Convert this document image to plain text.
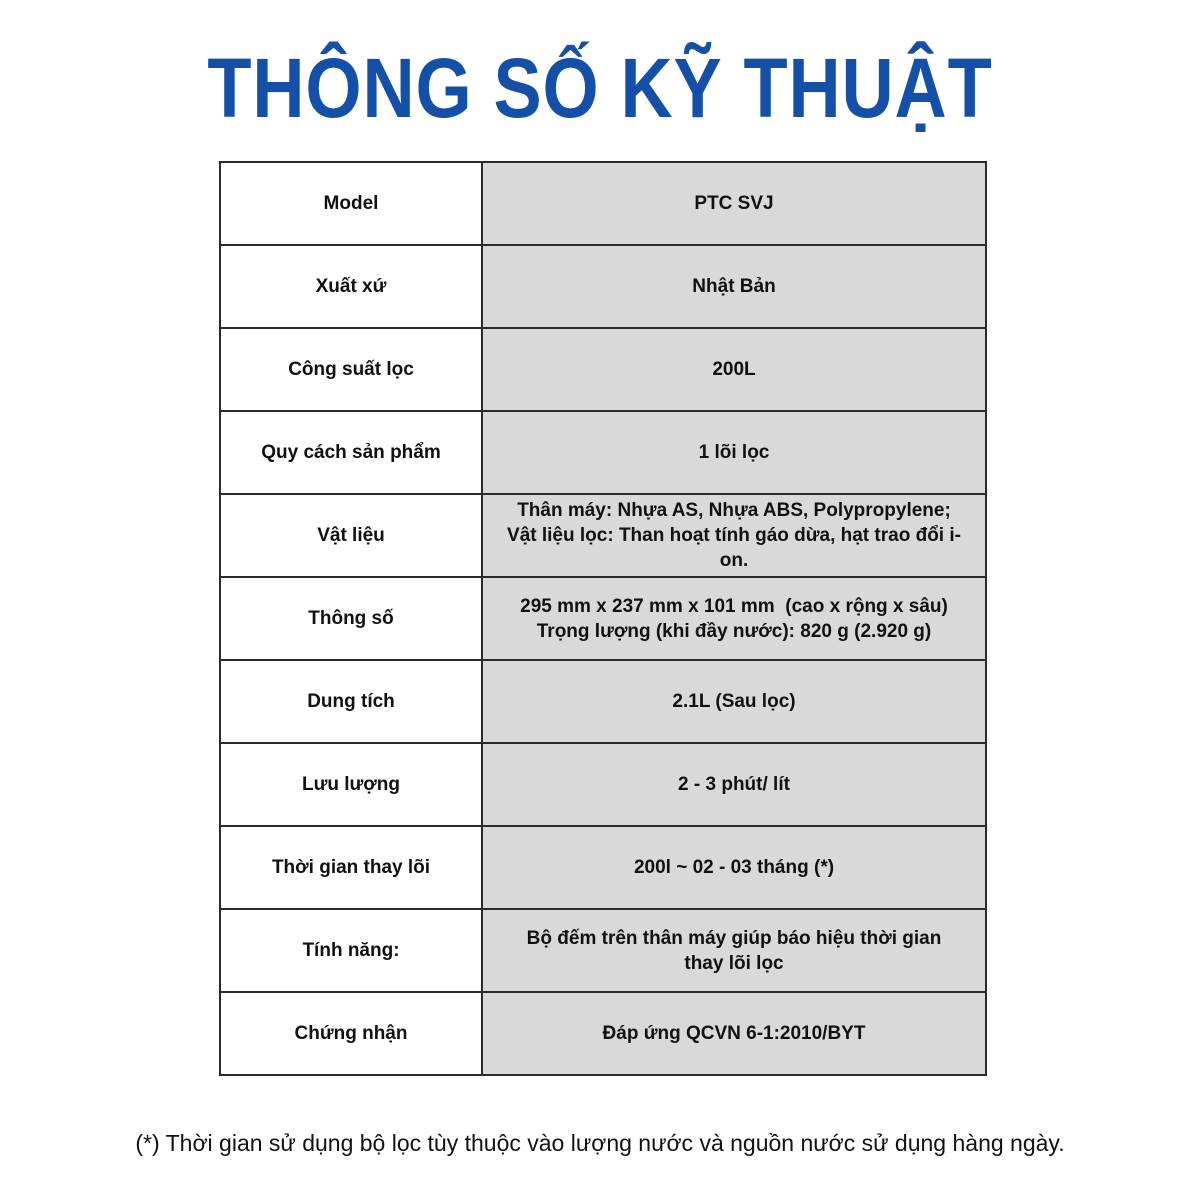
THÔNG SỐ KỸ THUẬT
Model	PTC SVJ

Xuất xứ	Nhật Bản

Công suất lọc	200L

Quy cách sản phẩm	1 lõi lọc

Vật liệu	Thân máy: Nhựa AS, Nhựa ABS, Polypropylene;
Vật liệu lọc: Than hoạt tính gáo dừa, hạt trao đổi i-on.

Thông số	295 mm x 237 mm x 101 mm  (cao x rộng x sâu)
Trọng lượng (khi đầy nước): 820 g (2.920 g)

Dung tích	2.1L (Sau lọc)

Lưu lượng	2 - 3 phút/ lít

Thời gian thay lõi	200l ~ 02 - 03 tháng (*)

Tính năng:	Bộ đếm trên thân máy giúp báo hiệu thời gian
thay lõi lọc

Chứng nhận	Đáp ứng QCVN 6-1:2010/BYT
(*) Thời gian sử dụng bộ lọc tùy thuộc vào lượng nước và nguồn nước sử dụng hàng ngày.
